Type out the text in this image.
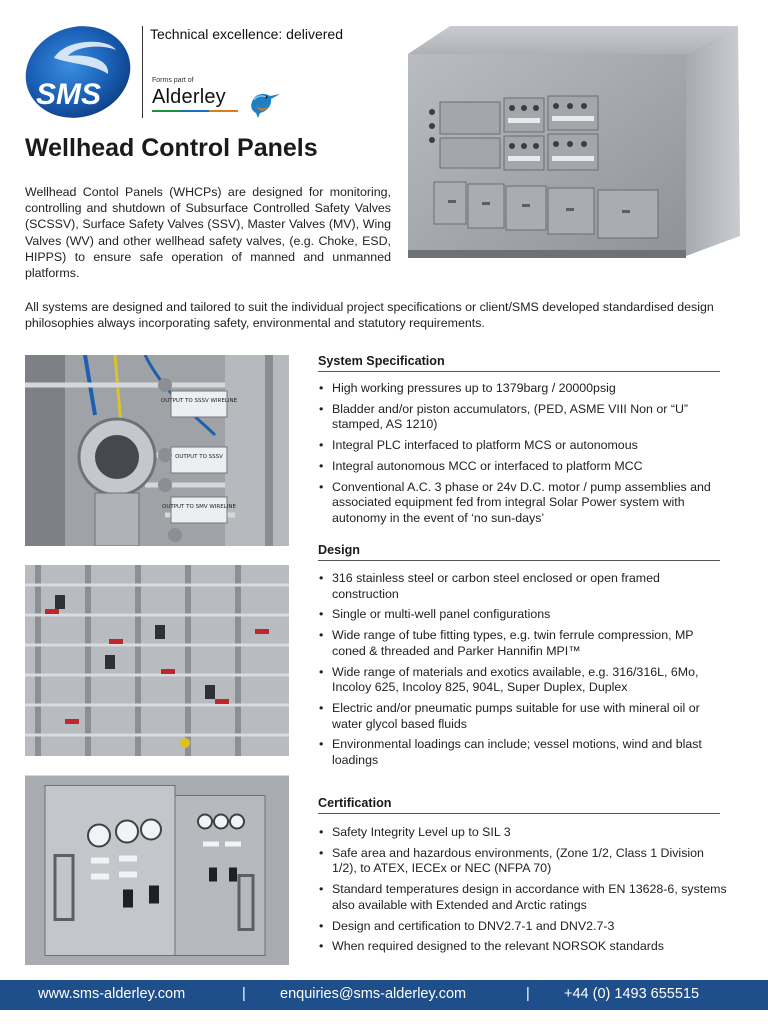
SMS
Technical excellence: delivered
Forms part of
Alderley
Wellhead Control Panels

Wellhead Contol Panels (WHCPs) are designed for monitoring, controlling and shutdown of Subsurface Controlled Safety Valves (SCSSV), Surface Safety Valves (SSV), Master Valves (MV), Wing Valves (WV) and other wellhead safety valves, (e.g. Choke, ESD, HIPPS) to ensure safe operation of manned and unmanned platforms.

All systems are designed and tailored to suit the individual project specifications or client/SMS developed standardised design philosophies always incorporating safety, environmental and statutory requirements.

OUTPUT TO SSSV WIRELINE
OUTPUT TO SSSV
OUTPUT TO SMV WIRELINE
System Specification
• High working pressures up to 1379barg / 20000psig
• Bladder and/or piston accumulators, (PED, ASME VIII Non or “U” stamped, AS 1210)
• Integral PLC interfaced to platform MCS or autonomous
• Integral autonomous MCC or interfaced to platform MCC
• Conventional A.C. 3 phase or 24v D.C. motor / pump assemblies and associated equipment fed from integral Solar Power system with autonomy in the event of ‘no sun-days’
Design
• 316 stainless steel or carbon steel enclosed or open framed construction
• Single or multi-well panel configurations
• Wide range of tube fitting types, e.g. twin ferrule compression, MP coned & threaded and Parker Hannifin MPI™
• Wide range of materials and exotics available, e.g. 316/316L, 6Mo, Incoloy 625, Incoloy 825, 904L, Super Duplex, Duplex
• Electric and/or pneumatic pumps suitable for use with mineral oil or water glycol based fluids
• Environmental loadings can include; vessel motions, wind and blast loadings
Certification
• Safety Integrity Level up to SIL 3
• Safe area and hazardous environments, (Zone 1/2, Class 1 Division 1/2), to ATEX, IECEx or NEC (NFPA 70)
• Standard temperatures design in accordance with EN 13628-6, systems also available with Extended and Arctic ratings
• Design and certification to DNV2.7-1 and DNV2.7-3
• When required designed to the relevant NORSOK standards
www.sms-alderley.com	| enquiries@sms-alderley.com	| +44 (0) 1493 655515
